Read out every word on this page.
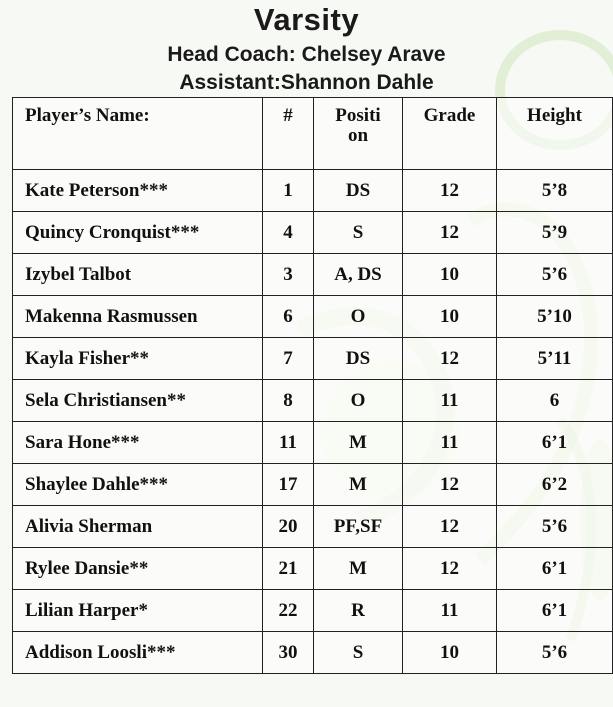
Varsity
Head Coach: Chelsey Arave
Assistant:Shannon Dahle
Player’s Name:	#	Positi on	Grade	Height
Kate Peterson***	1	DS	12	5’8
Quincy Cronquist***	4	S	12	5’9
Izybel Talbot	3	A, DS	10	5’6
Makenna Rasmussen	6	O	10	5’10
Kayla Fisher**	7	DS	12	5’11
Sela Christiansen**	8	O	11	6
Sara Hone***	11	M	11	6’1
Shaylee Dahle***	17	M	12	6’2
Alivia Sherman	20	PF,SF	12	5’6
Rylee Dansie**	21	M	12	6’1
Lilian Harper*	22	R	11	6’1
Addison Loosli***	30	S	10	5’6
